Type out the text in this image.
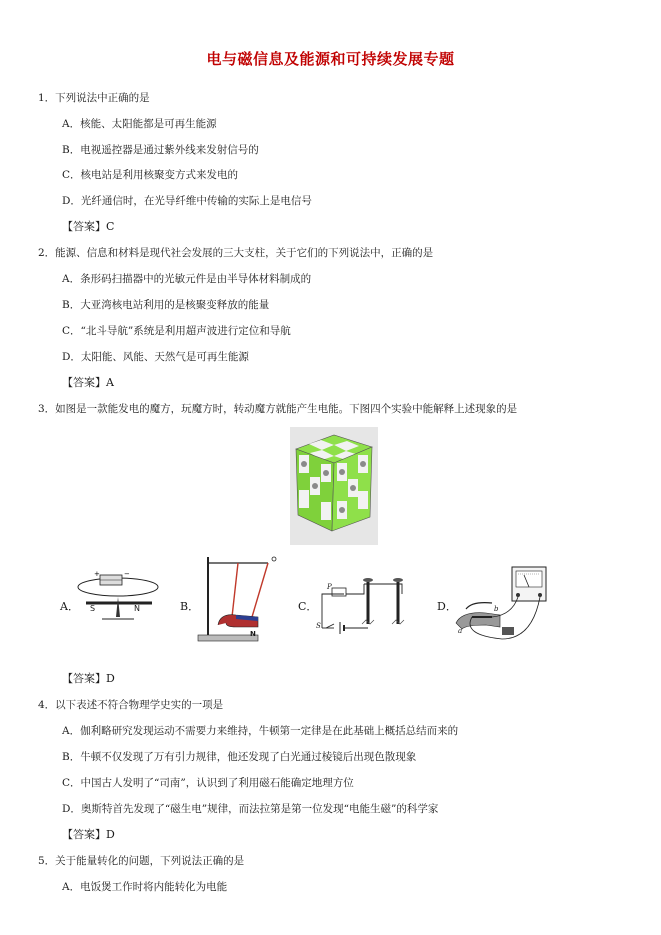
电与磁信息及能源和可持续发展专题
1．下列说法中正确的是
A．核能、太阳能都是可再生能源
B．电视遥控器是通过紫外线来发射信号的
C．核电站是利用核聚变方式来发电的
D．光纤通信时，在光导纤维中传输的实际上是电信号
【答案】C
2．能源、信息和材料是现代社会发展的三大支柱，关于它们的下列说法中，正确的是
A．条形码扫描器中的光敏元件是由半导体材料制成的
B．大亚湾核电站利用的是核聚变释放的能量
C．“北斗导航”系统是利用超声波进行定位和导航
D．太阳能、风能、天然气是可再生能源
【答案】A
3．如图是一款能发电的魔方，玩魔方时，转动魔方就能产生电能。下图四个实验中能解释上述现象的是
A．
+	−
S	N	B．
N
C．
P
S
D．	b
a
【答案】D
4．以下表述不符合物理学史实的一项是
A．伽利略研究发现运动不需要力来维持，牛顿第一定律是在此基础上概括总结而来的
B．牛顿不仅发现了万有引力规律，他还发现了白光通过棱镜后出现色散现象
C．中国古人发明了“司南”，认识到了利用磁石能确定地理方位
D．奥斯特首先发现了“磁生电”规律，而法拉第是第一位发现“电能生磁”的科学家
【答案】D
5．关于能量转化的问题，下列说法正确的是
A．电饭煲工作时将内能转化为电能
